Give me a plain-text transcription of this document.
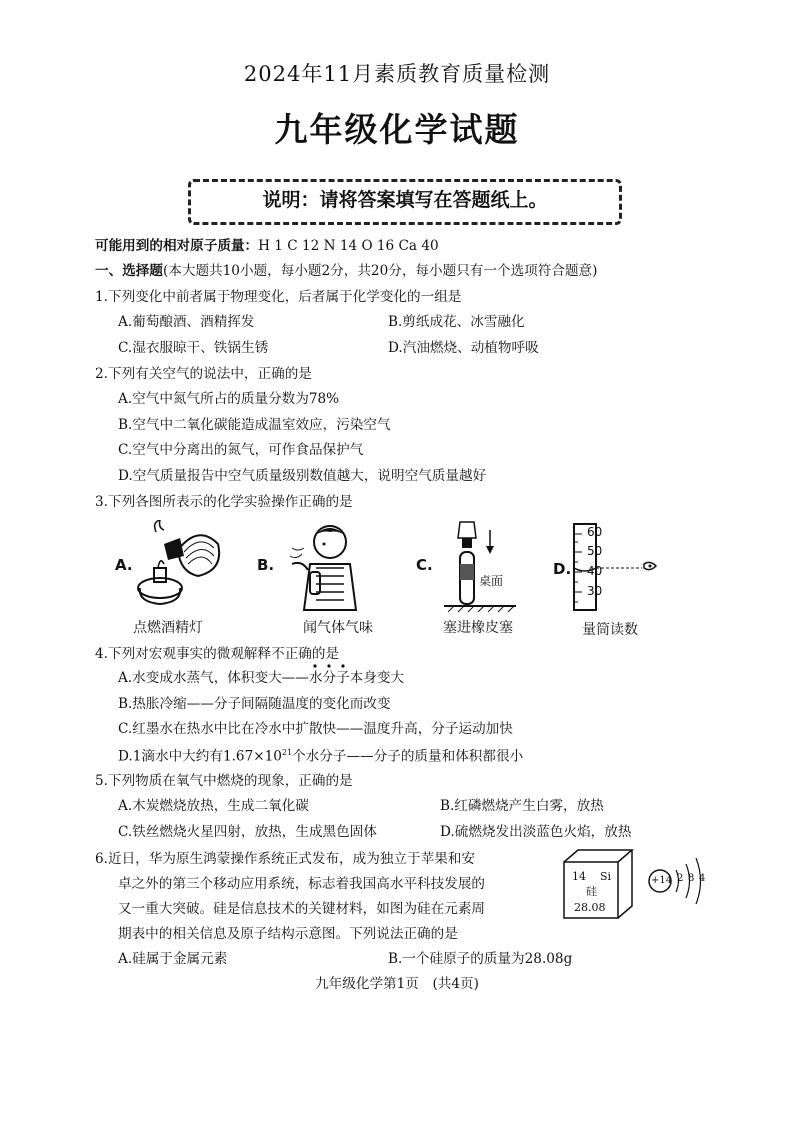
2024年11月素质教育质量检测
九年级化学试题
说明：请将答案填写在答题纸上。
可能用到的相对原子质量：H 1 C 12 N 14 O 16 Ca 40
一、选择题(本大题共10小题，每小题2分，共20分，每小题只有一个选项符合题意)
1.下列变化中前者属于物理变化，后者属于化学变化的一组是
A.葡萄酿酒、酒精挥发	B.剪纸成花、冰雪融化
C.湿衣服晾干、铁锅生锈	D.汽油燃烧、动植物呼吸
2.下列有关空气的说法中，正确的是
A.空气中氮气所占的质量分数为78%
B.空气中二氧化碳能造成温室效应，污染空气
C.空气中分离出的氮气，可作食品保护气
D.空气质量报告中空气质量级别数值越大，说明空气质量越好
3.下列各图所表示的化学实验操作正确的是
A.	B.	C.	D.
点燃酒精灯	闻气体气味
桌面
塞进橡皮塞
60
50
40
30
量筒读数
4.下列对宏观事实的微观解释不正确的是
A.水变成水蒸气，体积变大——水分子本身变大
B.热胀冷缩——分子间隔随温度的变化而改变
C.红墨水在热水中比在冷水中扩散快——温度升高，分子运动加快
D.1滴水中大约有$1.67\times 10^{21}$个水分子——分子的质量和体积都很小
5.下列物质在氧气中燃烧的现象，正确的是
A.木炭燃烧放热，生成二氧化碳	B.红磷燃烧产生白雾，放热
C.铁丝燃烧火星四射，放热，生成黑色固体	D.硫燃烧发出淡蓝色火焰，放热
6.近日，华为原生鸿蒙操作系统正式发布，成为独立于苹果和安
卓之外的第三个移动应用系统，标志着我国高水平科技发展的
又一重大突破。硅是信息技术的关键材料，如图为硅在元素周
期表中的相关信息及原子结构示意图。下列说法正确的是
A.硅属于金属元素	B.一个硅原子的质量为28.08g
14 Si
硅
28.08
+14 2 8 4
九年级化学第1页　(共4页)
